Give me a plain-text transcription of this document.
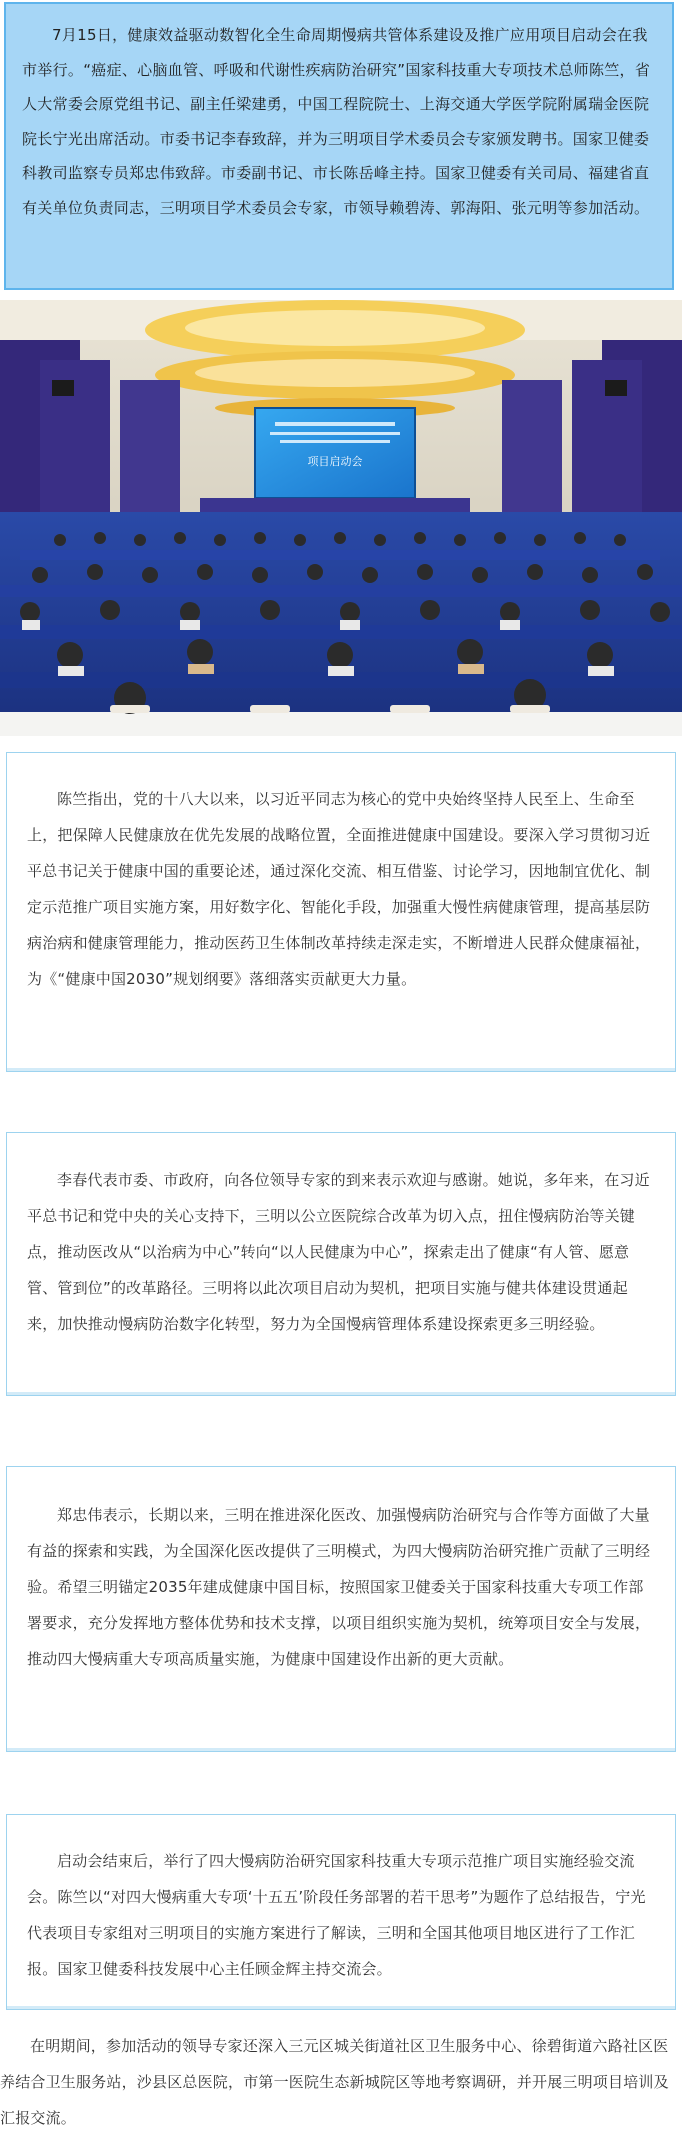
7月15日，健康效益驱动数智化全生命周期慢病共管体系建设及推广应用项目启动会在我市举行。“癌症、心脑血管、呼吸和代谢性疾病防治研究”国家科技重大专项技术总师陈竺，省人大常委会原党组书记、副主任梁建勇，中国工程院院士、上海交通大学医学院附属瑞金医院院长宁光出席活动。市委书记李春致辞，并为三明项目学术委员会专家颁发聘书。国家卫健委科教司监察专员郑忠伟致辞。市委副书记、市长陈岳峰主持。国家卫健委有关司局、福建省直有关单位负责同志，三明项目学术委员会专家，市领导赖碧涛、郭海阳、张元明等参加活动。

项目启动会

陈竺指出，党的十八大以来，以习近平同志为核心的党中央始终坚持人民至上、生命至上，把保障人民健康放在优先发展的战略位置，全面推进健康中国建设。要深入学习贯彻习近平总书记关于健康中国的重要论述，通过深化交流、相互借鉴、讨论学习，因地制宜优化、制定示范推广项目实施方案，用好数字化、智能化手段，加强重大慢性病健康管理，提高基层防病治病和健康管理能力，推动医药卫生体制改革持续走深走实，不断增进人民群众健康福祉，为《“健康中国2030”规划纲要》落细落实贡献更大力量。

李春代表市委、市政府，向各位领导专家的到来表示欢迎与感谢。她说，多年来，在习近平总书记和党中央的关心支持下，三明以公立医院综合改革为切入点，扭住慢病防治等关键点，推动医改从“以治病为中心”转向“以人民健康为中心”，探索走出了健康“有人管、愿意管、管到位”的改革路径。三明将以此次项目启动为契机，把项目实施与健共体建设贯通起来，加快推动慢病防治数字化转型，努力为全国慢病管理体系建设探索更多三明经验。

郑忠伟表示，长期以来，三明在推进深化医改、加强慢病防治研究与合作等方面做了大量有益的探索和实践，为全国深化医改提供了三明模式，为四大慢病防治研究推广贡献了三明经验。希望三明锚定2035年建成健康中国目标，按照国家卫健委关于国家科技重大专项工作部署要求，充分发挥地方整体优势和技术支撑，以项目组织实施为契机，统筹项目安全与发展，推动四大慢病重大专项高质量实施，为健康中国建设作出新的更大贡献。

启动会结束后，举行了四大慢病防治研究国家科技重大专项示范推广项目实施经验交流会。陈竺以“对四大慢病重大专项‘十五五’阶段任务部署的若干思考”为题作了总结报告，宁光代表项目专家组对三明项目的实施方案进行了解读，三明和全国其他项目地区进行了工作汇报。国家卫健委科技发展中心主任顾金辉主持交流会。

在明期间，参加活动的领导专家还深入三元区城关街道社区卫生服务中心、徐碧街道六路社区医养结合卫生服务站，沙县区总医院，市第一医院生态新城院区等地考察调研，并开展三明项目培训及汇报交流。
